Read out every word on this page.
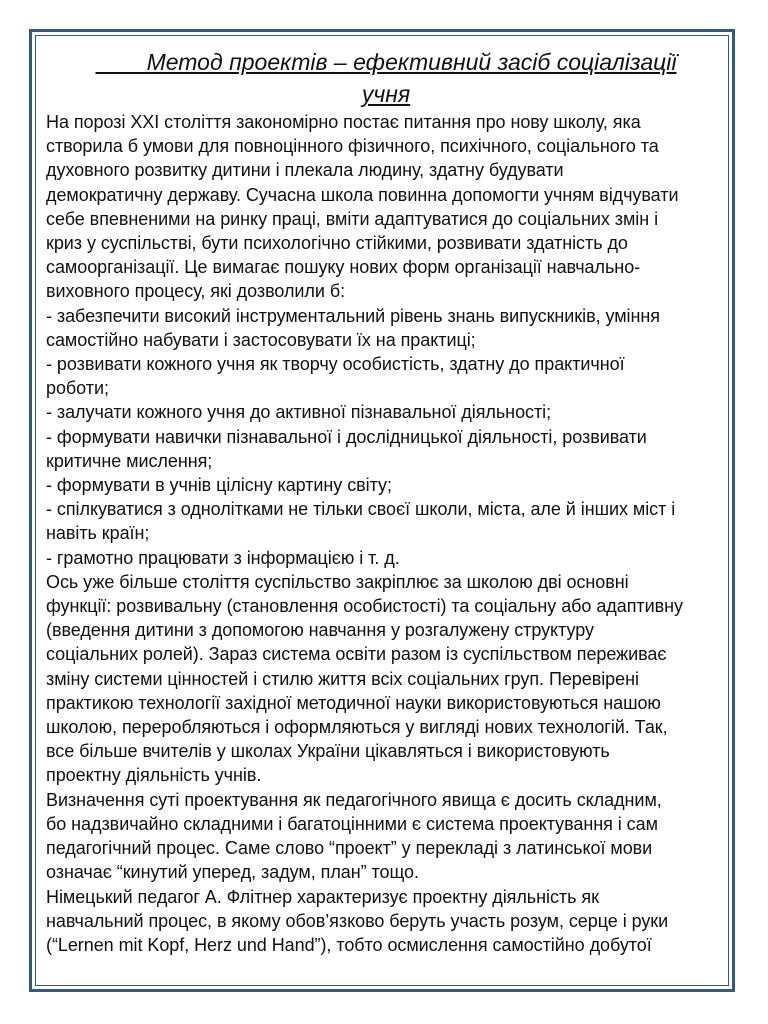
Метод проектів – ефективний засіб соціалізації
учня
На порозі XXI століття закономірно постає питання про нову школу, яка
створила б умови для повноцінного фізичного, психічного, соціального та
духовного розвитку дитини і плекала людину, здатну будувати
демократичну державу. Сучасна школа повинна допомогти учням відчувати
себе впевненими на ринку праці, вміти адаптуватися до соціальних змін і
криз у суспільстві, бути психологічно стійкими, розвивати здатність до
самоорганізації. Це вимагає пошуку нових форм організації навчально-
виховного процесу, які дозволили б:
- забезпечити високий інструментальний рівень знань випускників, уміння
самостійно набувати і застосовувати їх на практиці;
- розвивати кожного учня як творчу особистість, здатну до практичної
роботи;
- залучати кожного учня до активної пізнавальної діяльності;
- формувати навички пізнавальної і дослідницької діяльності, розвивати
критичне мислення;
- формувати в учнів цілісну картину світу;
- спілкуватися з однолітками не тільки своєї школи, міста, але й інших міст і
навіть країн;
- грамотно працювати з інформацією і т. д.
Ось уже більше століття суспільство закріплює за школою дві основні
функції: розвивальну (становлення особистості) та соціальну або адаптивну
(введення дитини з допомогою навчання у розгалужену структуру
соціальних ролей). Зараз система освіти разом із суспільством переживає
зміну системи цінностей і стилю життя всіх соціальних груп. Перевірені
практикою технології західної методичної науки використовуються нашою
школою, переробляються і оформляються у вигляді нових технологій. Так,
все більше вчителів у школах України цікавляться і використовують
проектну діяльність учнів.
Визначення суті проектування як педагогічного явища є досить складним,
бо надзвичайно складними і багатоцінними є система проектування і сам
педагогічний процес. Саме слово “проект” у перекладі з латинської мови
означає “кинутий уперед, задум, план” тощо.
Німецький педагог А. Флітнер характеризує проектну діяльність як
навчальний процес, в якому обов’язково беруть участь розум, серце і руки
(“Lernen mit Kopf, Herz und Hand”), тобто осмислення самостійно добутої
